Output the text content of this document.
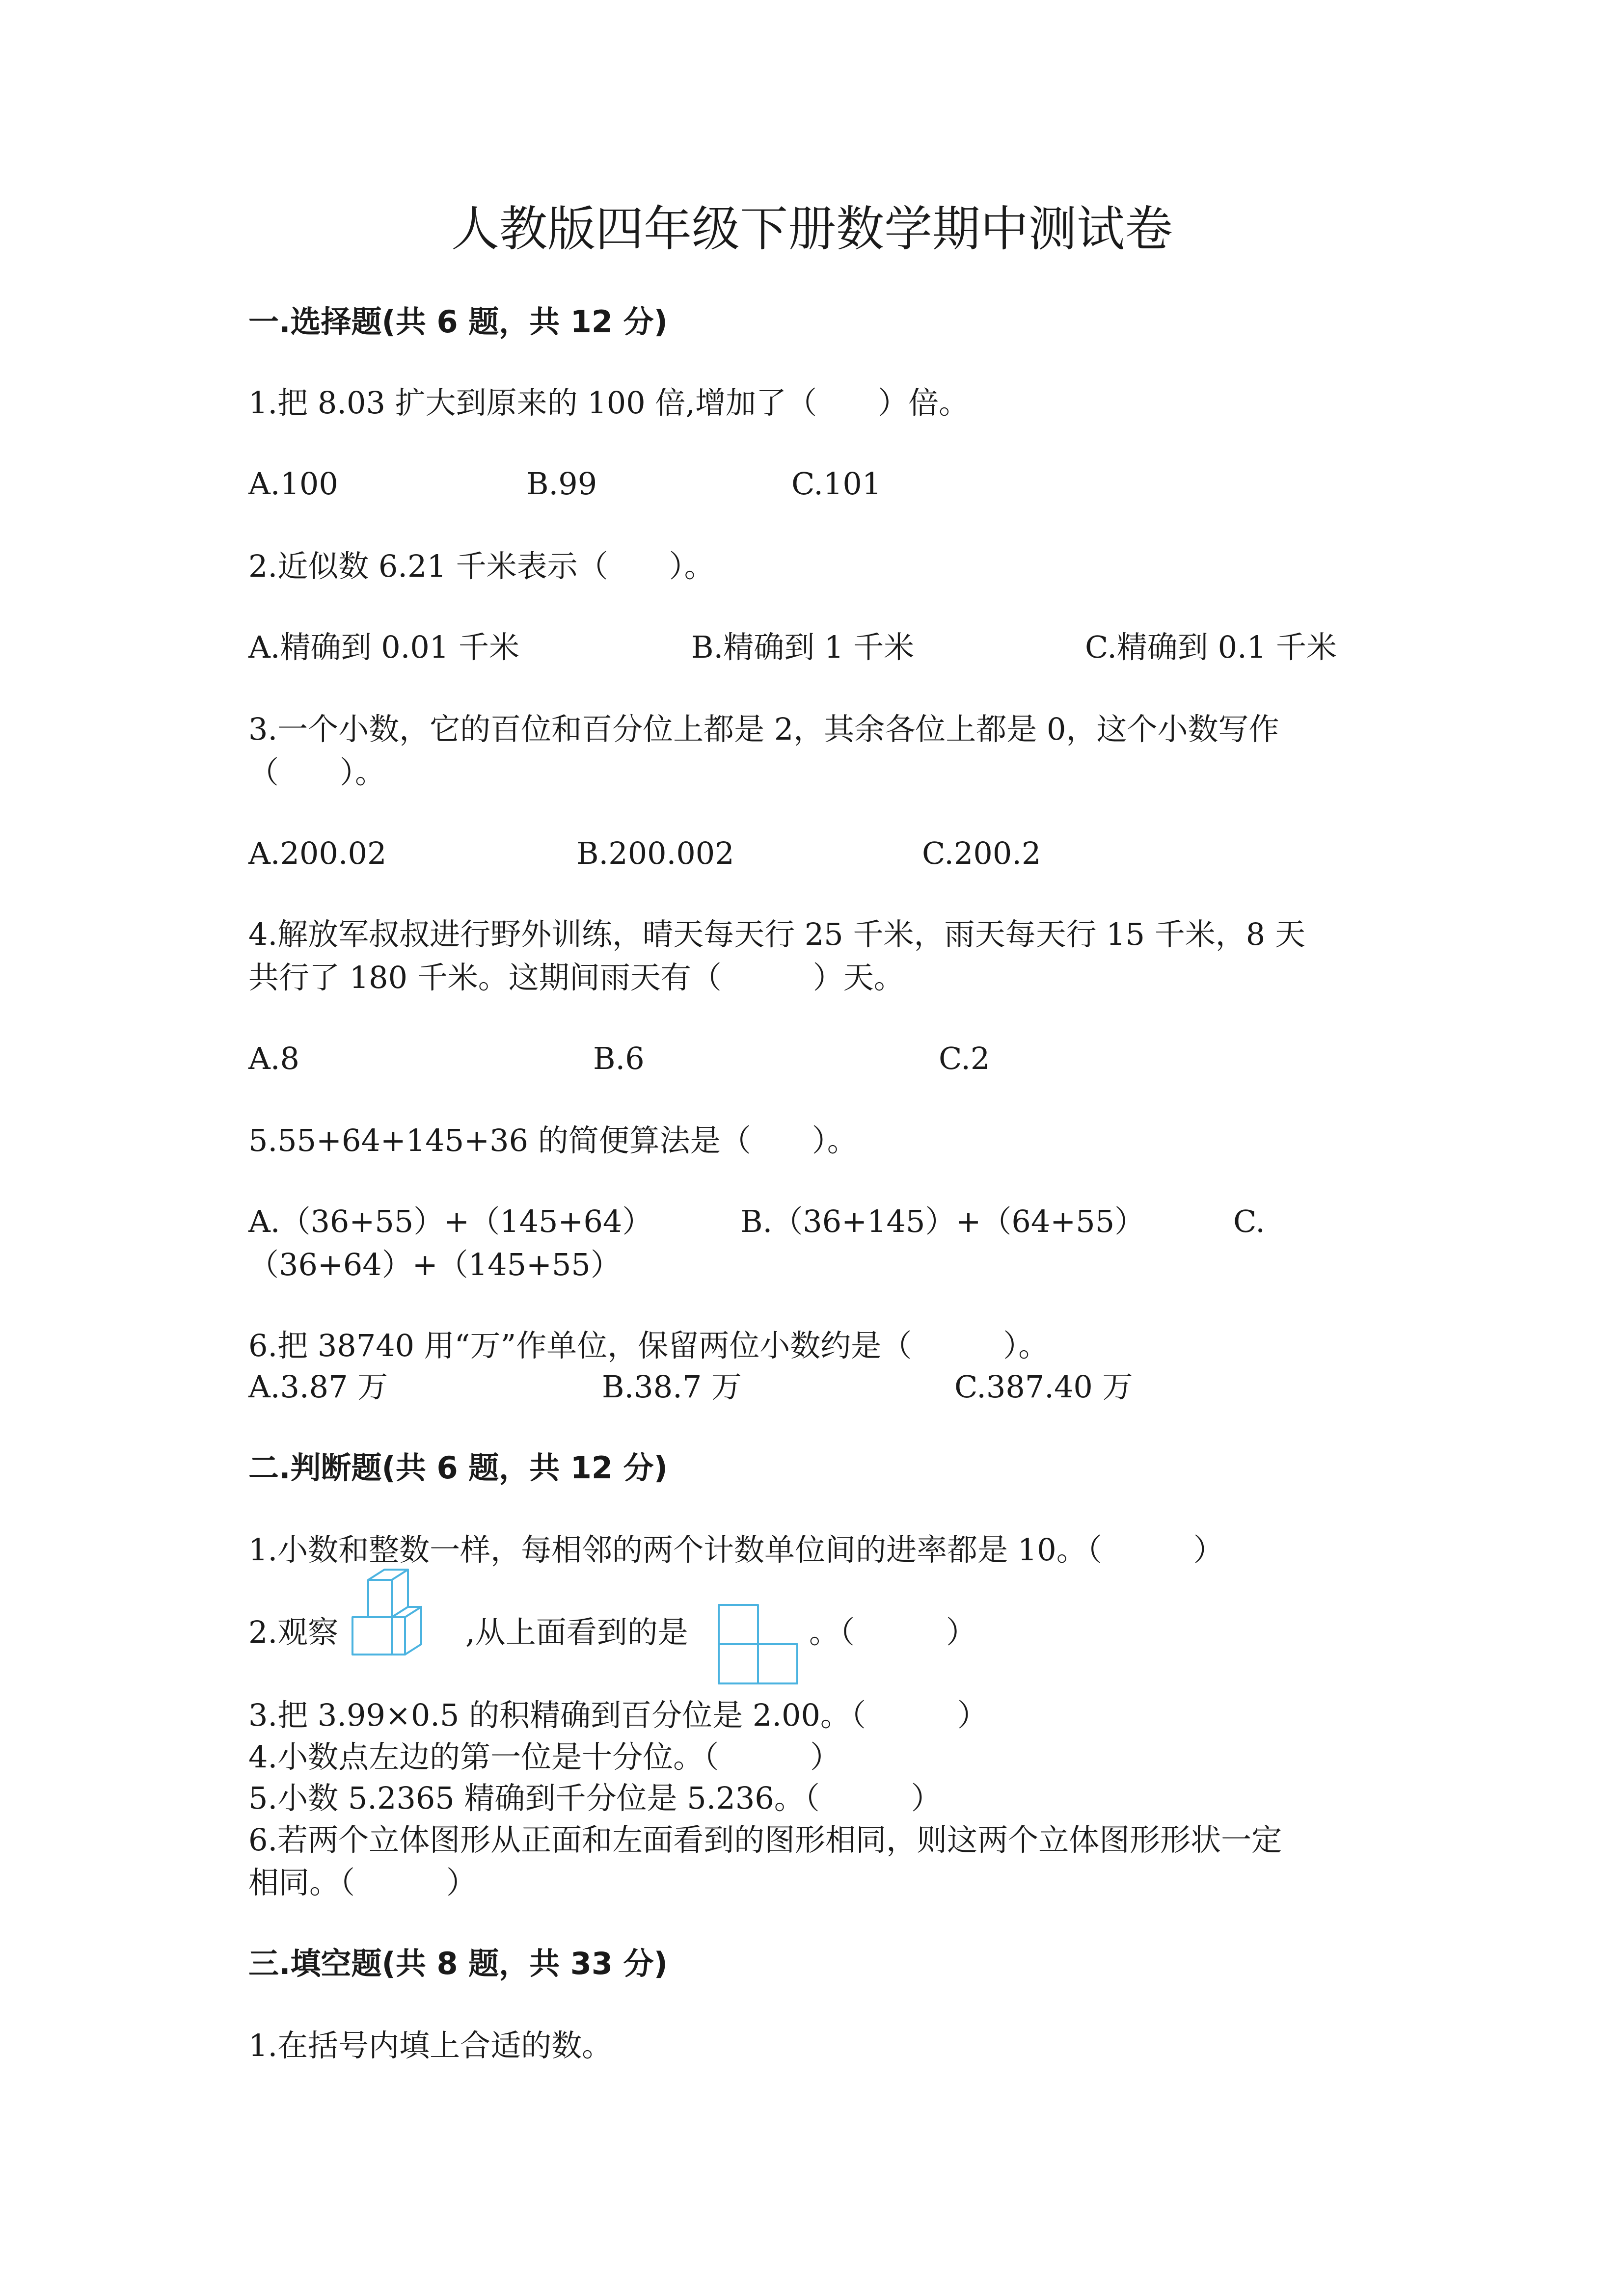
人教版四年级下册数学期中测试卷
一.选择题(共 6 题，共 12 分)
1.把 8.03 扩大到原来的 100 倍,增加了（　　）倍。
A.100	B.99	C.101
2.近似数 6.21 千米表示（　　）。
A.精确到 0.01 千米	B.精确到 1 千米	C.精确到 0.1 千米
3.一个小数，它的百位和百分位上都是 2，其余各位上都是 0，这个小数写作
（　　）。
A.200.02	B.200.002	C.200.2
4.解放军叔叔进行野外训练，晴天每天行 25 千米，雨天每天行 15 千米，8 天
共行了 180 千米。这期间雨天有（　　　）天。
A.8	B.6	C.2
5.55+64+145+36 的简便算法是（　　）。
A.（36+55）+（145+64）	B.（36+145）+（64+55）	C.
（36+64）+（145+55）
6.把 38740 用“万”作单位，保留两位小数约是（　　　）。
A.3.87 万	B.38.7 万	C.387.40 万
二.判断题(共 6 题，共 12 分)
1.小数和整数一样，每相邻的两个计数单位间的进率都是 10。（　　　）
2.观察	,从上面看到的是	。（　　　）
3.把 3.99×0.5 的积精确到百分位是 2.00。（　　　）
4.小数点左边的第一位是十分位。（　　　）
5.小数 5.2365 精确到千分位是 5.236。（　　　）
6.若两个立体图形从正面和左面看到的图形相同，则这两个立体图形形状一定
相同。（　　　）
三.填空题(共 8 题，共 33 分)
1.在括号内填上合适的数。
